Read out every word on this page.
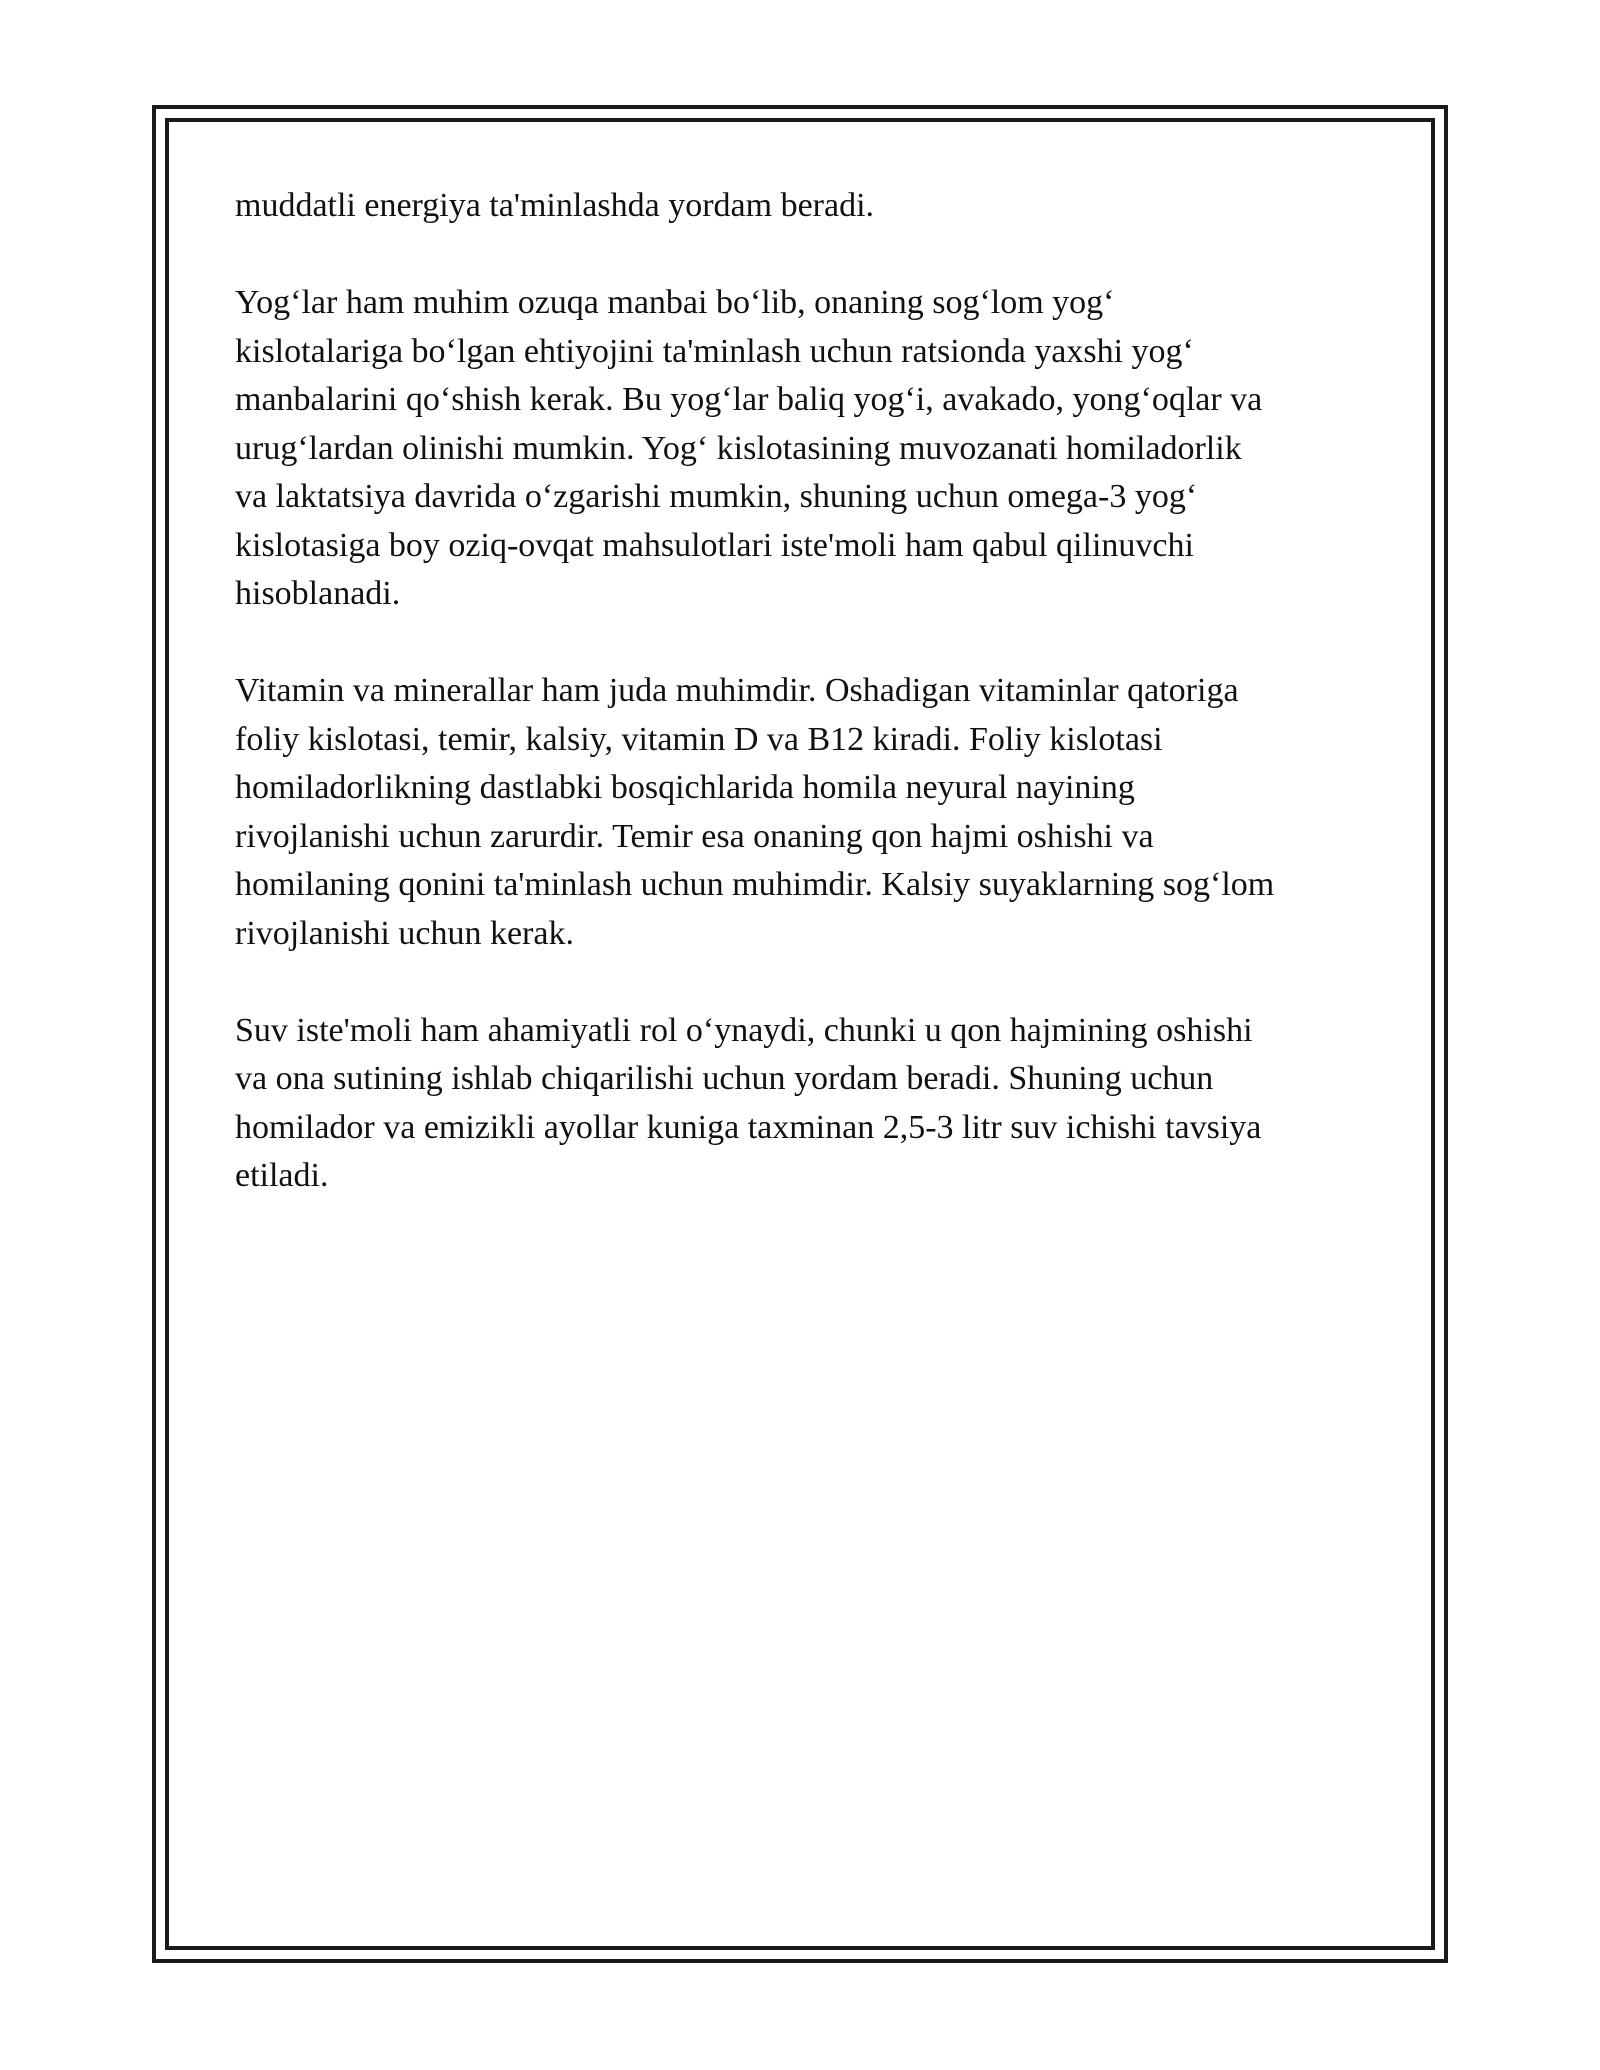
muddatli energiya ta'minlashda yordam beradi.

Yog‘lar ham muhim ozuqa manbai bo‘lib, onaning sog‘lom yog‘
kislotalariga bo‘lgan ehtiyojini ta'minlash uchun ratsionda yaxshi yog‘
manbalarini qo‘shish kerak. Bu yog‘lar baliq yog‘i, avakado, yong‘oqlar va
urug‘lardan olinishi mumkin. Yog‘ kislotasining muvozanati homiladorlik
va laktatsiya davrida o‘zgarishi mumkin, shuning uchun omega-3 yog‘
kislotasiga boy oziq-ovqat mahsulotlari iste'moli ham qabul qilinuvchi
hisoblanadi.

Vitamin va minerallar ham juda muhimdir. Oshadigan vitaminlar qatoriga
foliy kislotasi, temir, kalsiy, vitamin D va B12 kiradi. Foliy kislotasi
homiladorlikning dastlabki bosqichlarida homila neyural nayining
rivojlanishi uchun zarurdir. Temir esa onaning qon hajmi oshishi va
homilaning qonini ta'minlash uchun muhimdir. Kalsiy suyaklarning sog‘lom
rivojlanishi uchun kerak.

Suv iste'moli ham ahamiyatli rol o‘ynaydi, chunki u qon hajmining oshishi
va ona sutining ishlab chiqarilishi uchun yordam beradi. Shuning uchun
homilador va emizikli ayollar kuniga taxminan 2,5-3 litr suv ichishi tavsiya
etiladi.
